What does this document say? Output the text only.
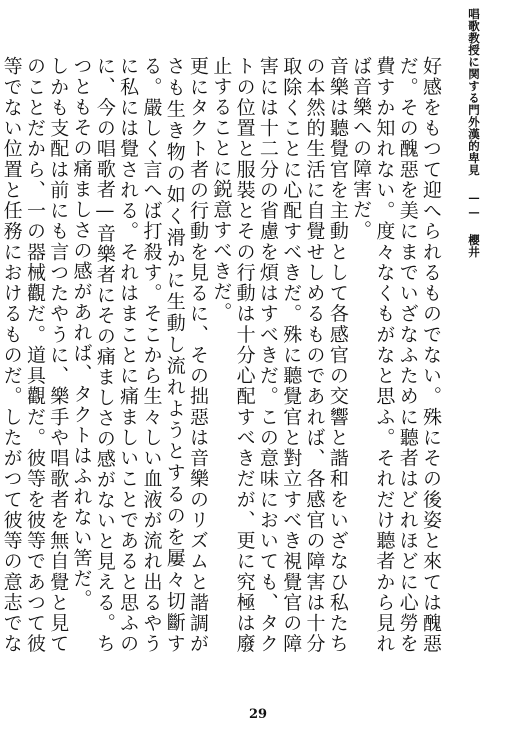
唱歌教授に関する門外漢的卑見 —— 櫻井

好感をもつて迎へられるものでない。殊にその後姿と來ては醜惡だ。その醜惡を美にまでいざなふために聽者はどれほどに心勞を費すか知れない。度々なくもがなと思ふ。それだけ聽者から見れば音樂への障害だ。

音樂は聽覺官を主動として各感官の交響と諧和をいざなひ私たちの本然的生活に自覺せしめるものであれば、各感官の障害は十分取除くことに心配すべきだ。殊に聽覺官と對立すべき視覺官の障害には十二分の省慮を煩はすべきだ。この意味においても、タクトの位置と服裝とその行動は十分心配すべきだが、更に究極は廢止することに鋭意すべきだ。

更にタクト者の行動を見るに、その拙惡は音樂のリズムと諧調がさも生き物の如く滑かに生動し流れようとするのを屢々切斷する。嚴しく言へば打殺す。そこから生々しい血液が流れ出るやうに私には覺される。それはまことに痛ましいことであると思ふのに、今の唱歌者—音樂者にその痛ましさの感がないと見える。ちつともその痛ましさの感があれば、タクトはふれない筈だ。

しかも支配は前にも言つたやうに、樂手や唱歌者を無自覺と見てのことだから、一の器械觀だ。道具觀だ。彼等を彼等であつて彼等でない位置と任務におけるものだ。したがつて彼等の意志でな

29
